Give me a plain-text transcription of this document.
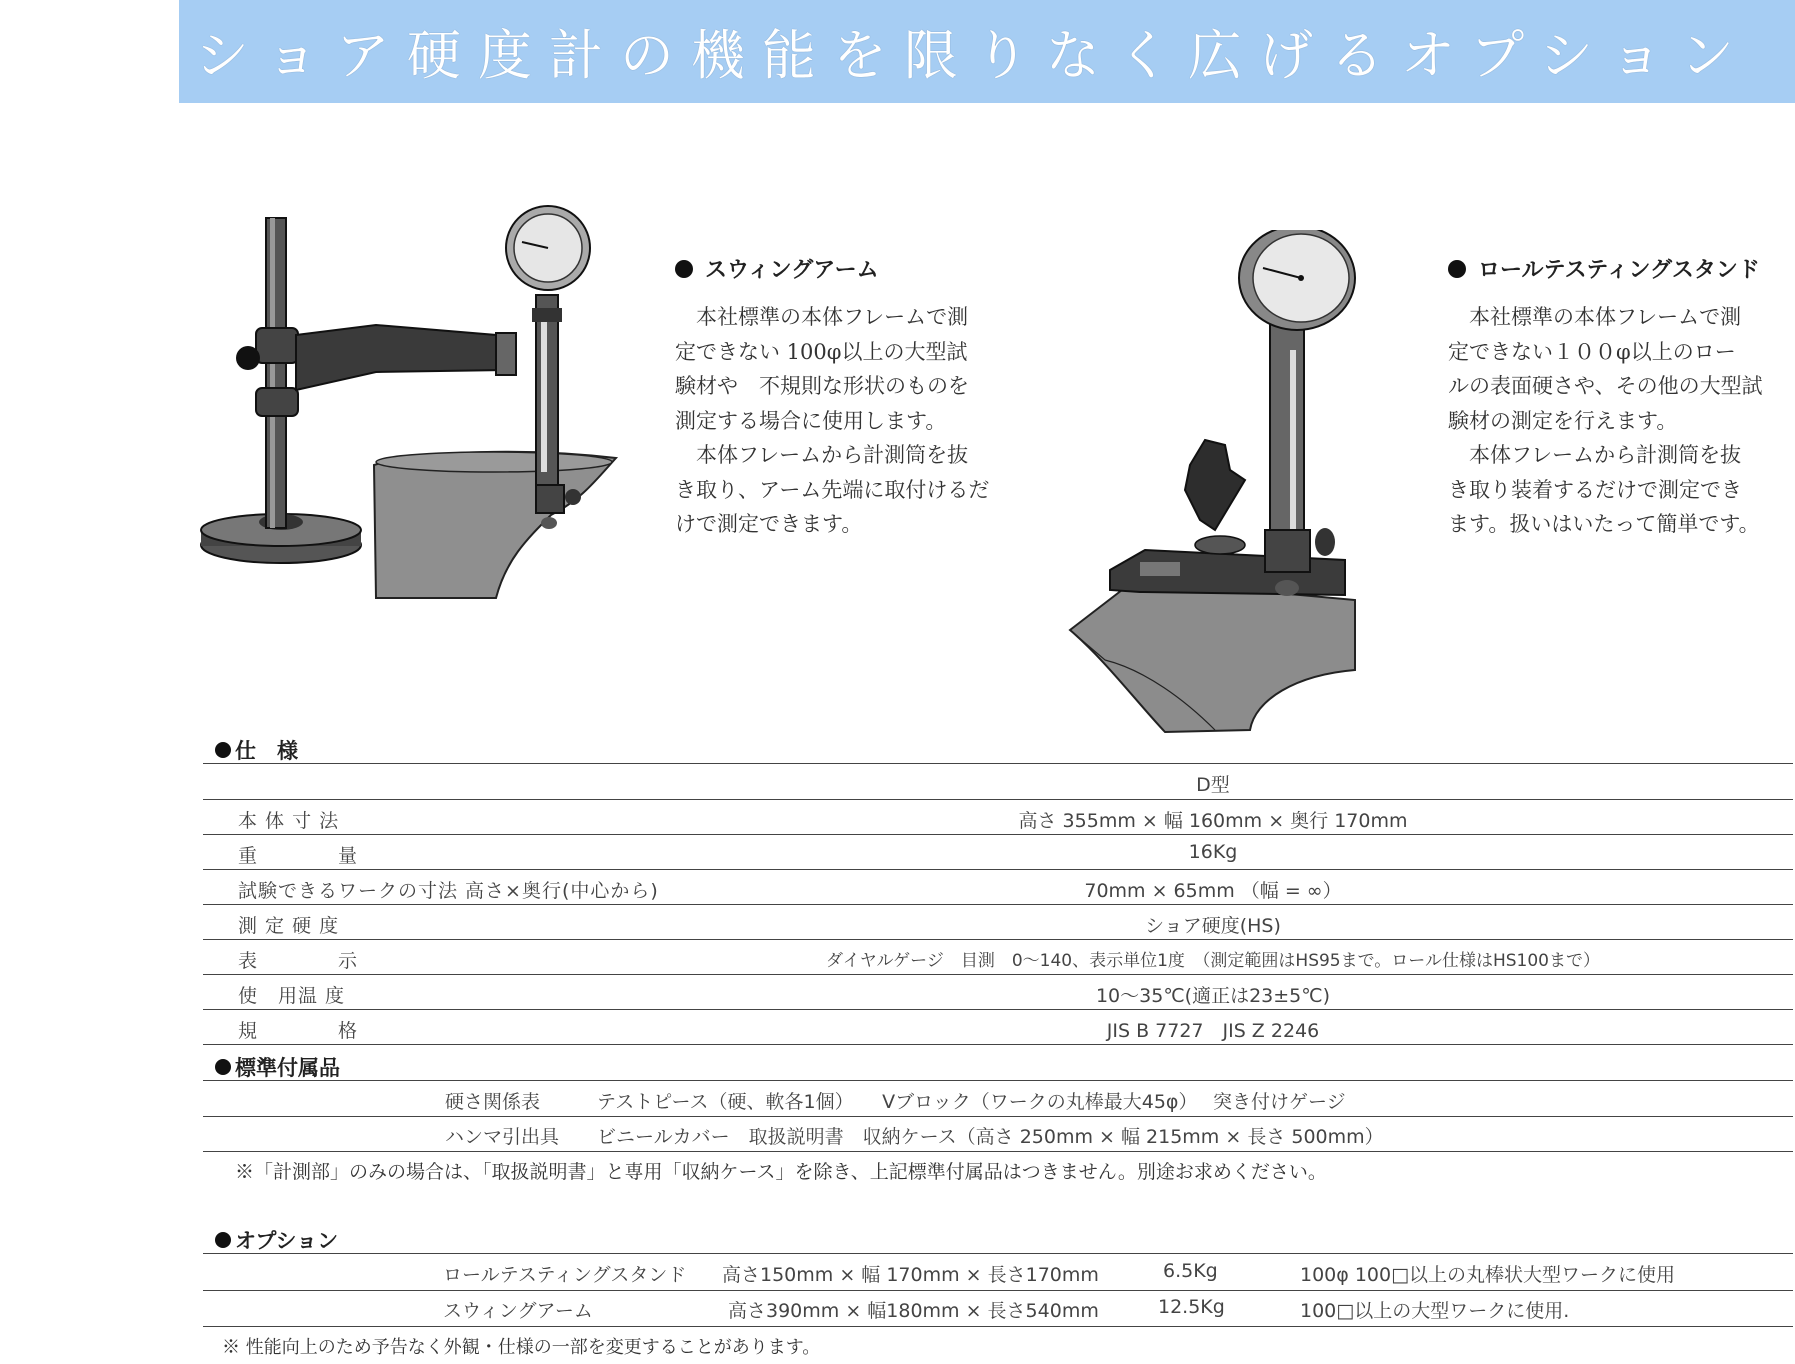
ショア硬度計の機能を限りなく広げるオプション
スウィングアーム

　本社標準の本体フレームで測

定できない 100φ以上の大型試

験材や　不規則な形状のものを

測定する場合に使用します。

　本体フレームから計測筒を抜

き取り、アーム先端に取付けるだ

けで測定できます。

ロールテスティングスタンド

　本社標準の本体フレームで測

定できない１００φ以上のロー

ルの表面硬さや、その他の大型試

験材の測定を行えます。

　本体フレームから計測筒を抜

き取り装着するだけで測定でき

ます。扱いはいたって簡単です。

仕　様
D型
本 体 寸 法	高さ 355mm × 幅 160mm × 奥行 170mm
重　　　　量	16Kg
試験できるワークの寸法 高さ×奥行(中心から)	70mm × 65mm （幅 = ∞）
測 定 硬 度	ショア硬度(HS)
表　　　　示	ダイヤルゲージ　目測　0～140、表示単位1度　（測定範囲はHS95まで。ロール仕様はHS100まで）
使　用温 度	10～35℃(適正は23±5℃)
規　　　　格	JIS B 7727　JIS Z 2246
標準付属品
硬さ関係表　　　テストピース（硬、軟各1個）　　Vブロック（ワークの丸棒最大45φ）　 突き付けゲージ
ハンマ引出具　　ビニールカバー　取扱説明書　収納ケース（高さ 250mm × 幅 215mm × 長さ 500mm）
※「計測部」のみの場合は、「取扱説明書」と専用「収納ケース」を除き、上記標準付属品はつきません。別途お求めください。
オプション
ロールテスティングスタンド 高さ150mm × 幅 170mm × 長さ170mm	6.5Kg	100φ 100□以上の丸棒状大型ワークに使用
スウィングアーム	高さ390mm × 幅180mm × 長さ540mm	12.5Kg	100□以上の大型ワークに使用.
※ 性能向上のため予告なく外観・仕様の一部を変更することがあります。
